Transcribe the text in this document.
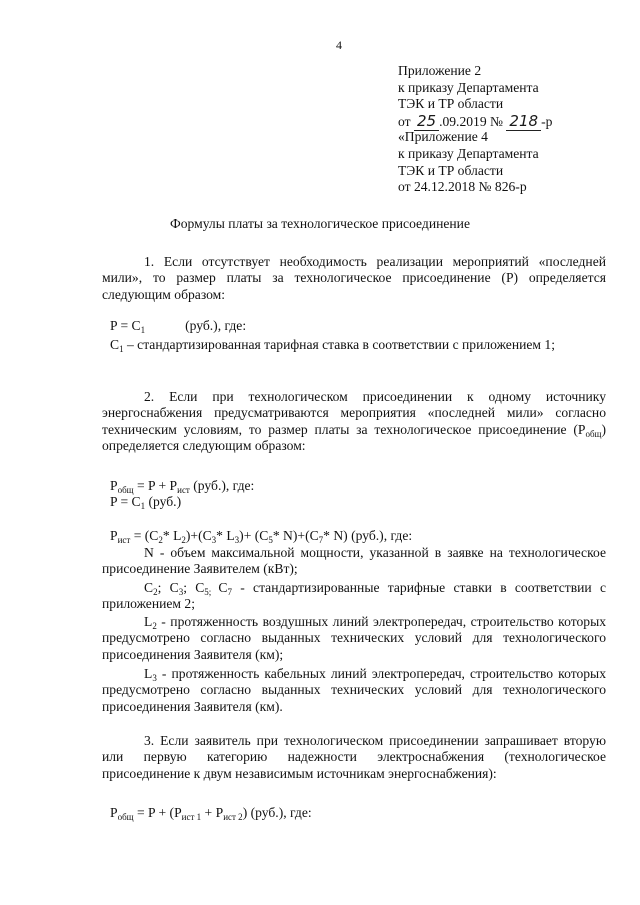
4
Приложение 2
к приказу Департамента
ТЭК и ТР области
от 25 .09.2019 № 218 -р
«Приложение 4
к приказу Департамента
ТЭК и ТР области
от 24.12.2018 № 826-р
Формулы платы за технологическое присоединение
1. Если отсутствует необходимость реализации мероприятий «последней мили», то размер платы за технологическое присоединение (P) определяется следующим образом:
$P = C_1$	(руб.), где:
$C_1$ – стандартизированная тарифная ставка в соответствии с приложением 1;
2. Если при технологическом присоединении к одному источнику энергоснабжения предусматриваются мероприятия «последней мили» согласно техническим условиям, то размер платы за технологическое присоединение $(P_{общ})$ определяется следующим образом:
$P_{общ} = P + P_{ист}$ (руб.), где:
$P = C_1$ (руб.)
$P_{ист} = (C_2*$ $L_2)+(C_3*$ $L_3)+ (C_5*$ $N)+(C_7*$ N) (руб.), где:
N - объем максимальной мощности, указанной в заявке на технологическое присоединение Заявителем (кВт);
$C_2$; $C_3$; $C_{5;}$ $C_7$ - стандартизированные тарифные ставки в соответствии с приложением 2;
$L_2$ - протяженность воздушных линий электропередач, строительство которых предусмотрено согласно выданных технических условий для технологического присоединения Заявителя (км);
$L_3$ - протяженность кабельных линий электропередач, строительство которых предусмотрено согласно выданных технических условий для технологического присоединения Заявителя (км).
3. Если заявитель при технологическом присоединении запрашивает вторую или первую категорию надежности электроснабжения (технологическое присоединение к двум независимым источникам энергоснабжения):
$P_{общ} = P + (P_{ист 1} + P_{ист 2})$ (руб.), где:
